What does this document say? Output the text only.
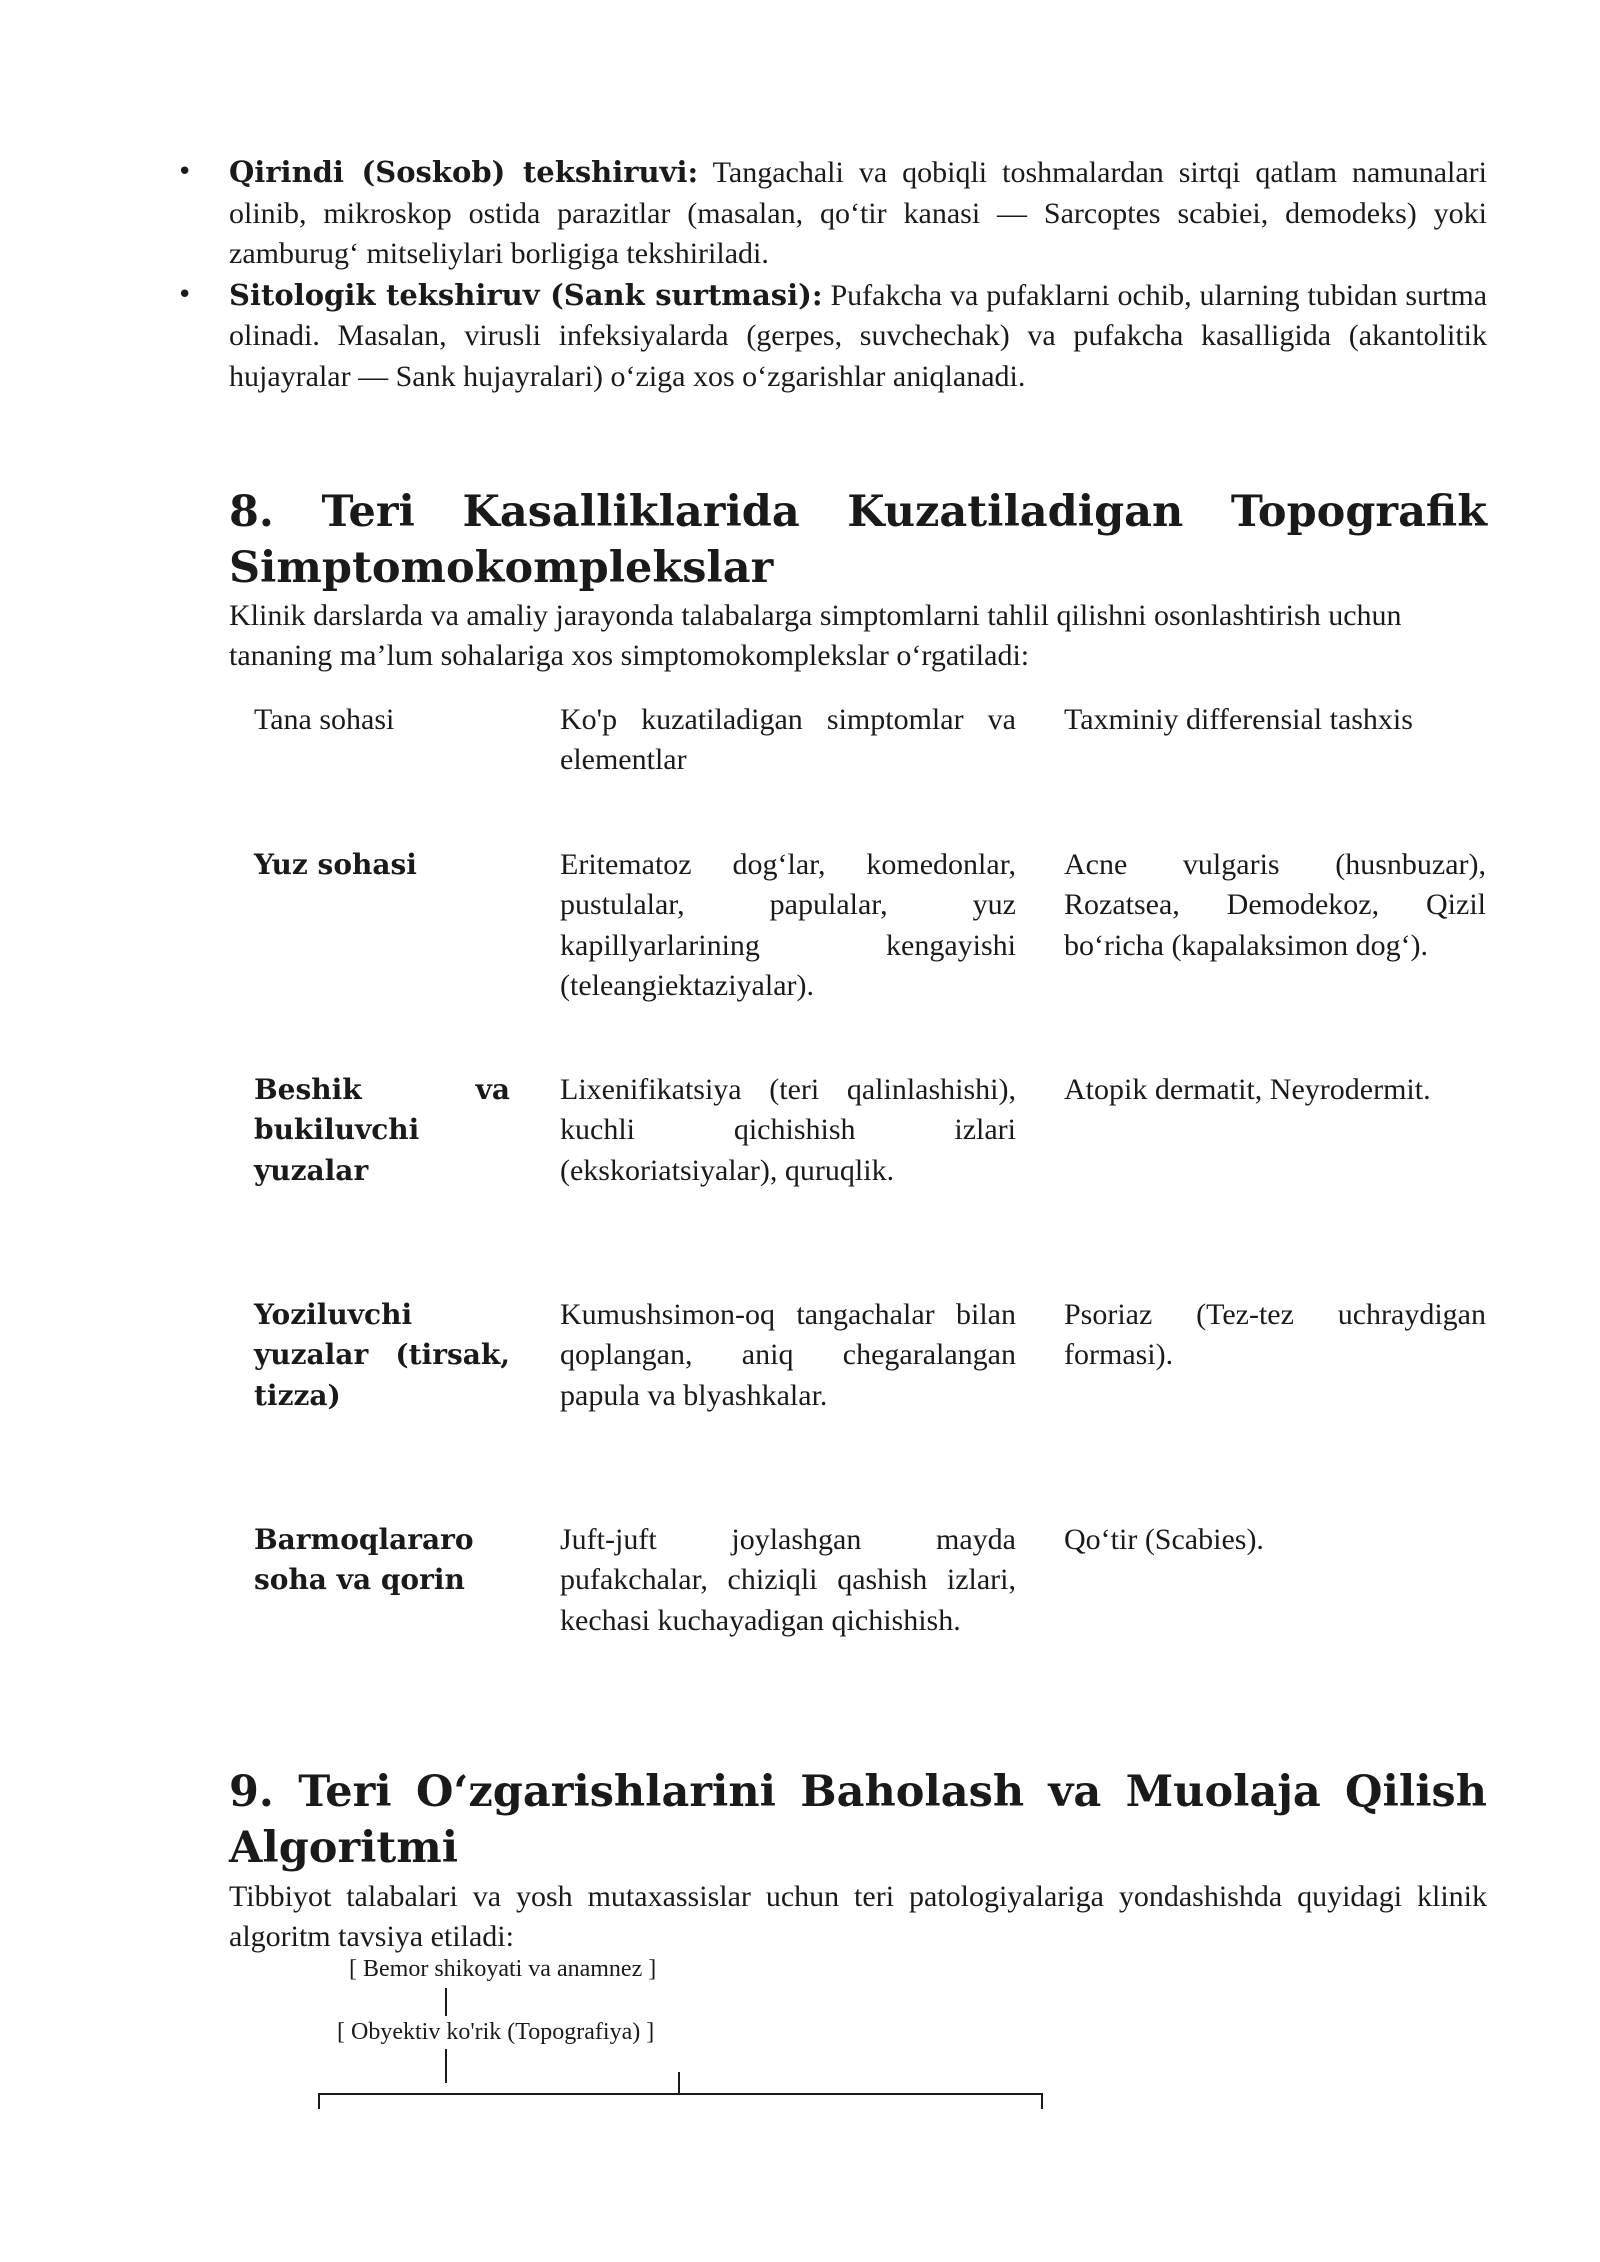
• Qirindi (Soskob) tekshiruvi: Tangachali va qobiqli toshmalardan sirtqi qatlam namunalari olinib, mikroskop ostida parazitlar (masalan, qo‘tir kanasi — Sarcoptes scabiei, demodeks) yoki zamburug‘ mitseliylari borligiga tekshiriladi.
• Sitologik tekshiruv (Sank surtmasi): Pufakcha va pufaklarni ochib, ularning tubidan surtma olinadi. Masalan, virusli infeksiyalarda (gerpes, suvchechak) va pufakcha kasalligida (akantolitik hujayralar — Sank hujayralari) o‘ziga xos o‘zgarishlar aniqlanadi.
8. Teri Kasalliklarida Kuzatiladigan Topografik
Simptomokomplekslar

Klinik darslarda va amaliy jarayonda talabalarga simptomlarni tahlil qilishni osonlashtirish uchun tananing ma’lum sohalariga xos simptomokomplekslar o‘rgatiladi:

Tana sohasi	Ko'p kuzatiladigan simptomlar va elementlar
Taxminiy differensial tashxis
Yuz sohasi	Eritematoz dog‘lar, komedonlar, pustulalar, papulalar, yuz kapillyarlarining kengayishi (teleangiektaziyalar).
Acne vulgaris (husnbuzar), Rozatsea, Demodekoz, Qizil bo‘richa (kapalaksimon dog‘).
Beshik va bukiluvchi yuzalar
Lixenifikatsiya (teri qalinlashishi), kuchli qichishish izlari (ekskoriatsiyalar), quruqlik.
Atopik dermatit, Neyrodermit.
Yoziluvchi yuzalar (tirsak, tizza)
Kumushsimon-oq tangachalar bilan qoplangan, aniq chegaralangan papula va blyashkalar.
Psoriaz (Tez-tez uchraydigan formasi).
Barmoqlararo soha va qorin
Juft-juft joylashgan mayda pufakchalar, chiziqli qashish izlari, kechasi kuchayadigan qichishish.
Qo‘tir (Scabies).
9. Teri O‘zgarishlarini Baholash va Muolaja Qilish
Algoritmi

Tibbiyot talabalari va yosh mutaxassislar uchun teri patologiyalariga yondashishda quyidagi klinik algoritm tavsiya etiladi:

[ Bemor shikoyati va anamnez ]
[ Obyektiv ko'rik (Topografiya) ]
